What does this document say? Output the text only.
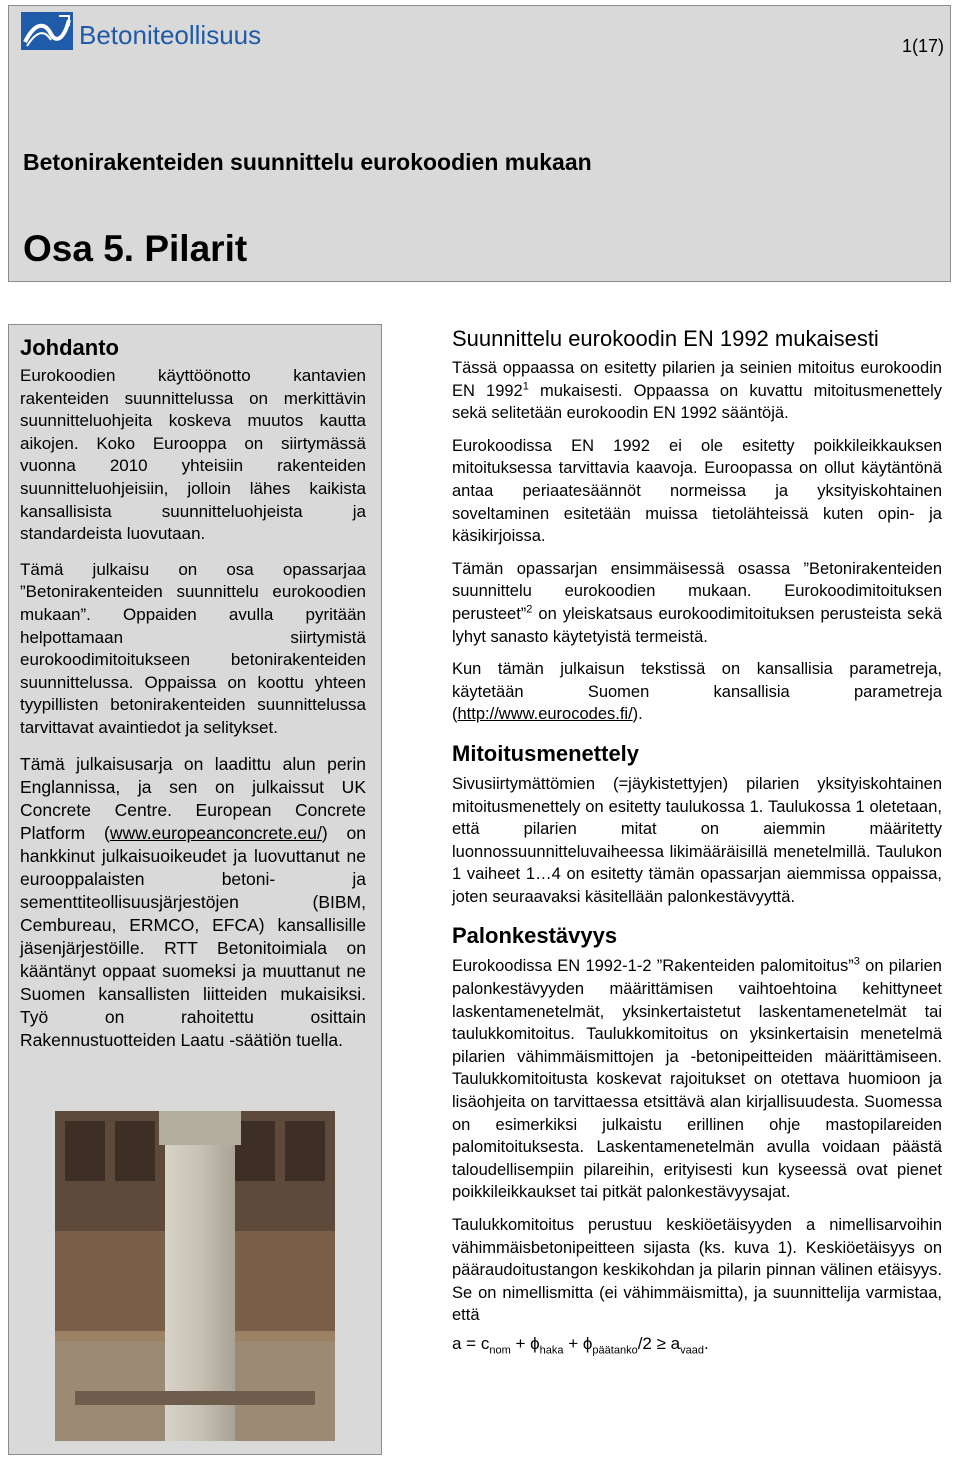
Betoniteollisuus	1(17)
Betonirakenteiden suunnittelu eurokoodien mukaan
Osa 5. Pilarit
Johdanto

Eurokoodien käyttöönotto kantavien rakenteiden suunnittelussa on merkittävin suunnitteluohjeita koskeva muutos kautta aikojen. Koko Eurooppa on siirtymässä vuonna 2010 yhteisiin rakenteiden suunnitteluohjeisiin, jolloin lähes kaikista kansallisista suunnitteluohjeista ja standardeista luovutaan.

Tämä julkaisu on osa opassarjaa ”Betonirakenteiden suunnittelu eurokoodien mukaan”. Oppaiden avulla pyritään helpottamaan siirtymistä eurokoodimitoitukseen betonirakenteiden suunnittelussa. Oppaissa on koottu yhteen tyypillisten betonirakenteiden suunnittelussa tarvittavat avaintiedot ja selitykset.

Tämä julkaisusarja on laadittu alun perin Englannissa, ja sen on julkaissut UK Concrete Centre. European Concrete Platform (www.europeanconcrete.eu/) on hankkinut julkaisuoikeudet ja luovuttanut ne eurooppalaisten betoni- ja sementtiteollisuusjärjestöjen (BIBM, Cembureau, ERMCO, EFCA) kansallisille jäsenjärjestöille. RTT Betonitoimiala on kääntänyt oppaat suomeksi ja muuttanut ne Suomen kansallisten liitteiden mukaisiksi. Työ on rahoitettu osittain Rakennustuotteiden Laatu -säätiön tuella.

Suunnittelu eurokoodin EN 1992 mukaisesti

Tässä oppaassa on esitetty pilarien ja seinien mitoitus eurokoodin EN 1992$^1$ mukaisesti. Oppaassa on kuvattu mitoitusmenettely sekä selitetään eurokoodin EN 1992 sääntöjä.

Eurokoodissa EN 1992 ei ole esitetty poikkileikkauksen mitoituksessa tarvittavia kaavoja. Euroopassa on ollut käytäntönä antaa periaatesäännöt normeissa ja yksityiskohtainen soveltaminen esitetään muissa tietolähteissä kuten opin- ja käsikirjoissa.

Tämän opassarjan ensimmäisessä osassa ”Betonirakenteiden suunnittelu eurokoodien mukaan. Eurokoodimitoituksen perusteet”$^2$ on yleiskatsaus eurokoodimitoituksen perusteista sekä lyhyt sanasto käytetyistä termeistä.

Kun tämän julkaisun tekstissä on kansallisia parametreja, käytetään Suomen kansallisia parametreja (http://www.eurocodes.fi/).

Mitoitusmenettely

Sivusiirtymättömien (=jäykistettyjen) pilarien yksityiskohtainen mitoitusmenettely on esitetty taulukossa 1. Taulukossa 1 oletetaan, että pilarien mitat on aiemmin määritetty luonnossuunnitteluvaiheessa likimääräisillä menetelmillä. Taulukon 1 vaiheet 1…4 on esitetty tämän opassarjan aiemmissa oppaissa, joten seuraavaksi käsitellään palonkestävyyttä.

Palonkestävyys

Eurokoodissa EN 1992-1-2 ”Rakenteiden palomitoitus”$^3$ on pilarien palonkestävyyden määrittämisen vaihtoehtoina kehittyneet laskentamenetelmät, yksinkertaistetut laskentamenetelmät tai taulukkomitoitus. Taulukkomitoitus on yksinkertaisin menetelmä pilarien vähimmäismittojen ja -betonipeitteiden määrittämiseen. Taulukkomitoitusta koskevat rajoitukset on otettava huomioon ja lisäohjeita on tarvittaessa etsittävä alan kirjallisuudesta. Suomessa on esimerkiksi julkaistu erillinen ohje mastopilareiden palomitoituksesta. Laskentamenetelmän avulla voidaan päästä taloudellisempiin pilareihin, erityisesti kun kyseessä ovat pienet poikkileikkaukset tai pitkät palonkestävyysajat.

Taulukkomitoitus perustuu keskiöetäisyyden a nimellisarvoihin vähimmäisbetonipeitteen sijasta (ks. kuva 1). Keskiöetäisyys on pääraudoitustangon keskikohdan ja pilarin pinnan välinen etäisyys. Se on nimellismitta (ei vähimmäismitta), ja suunnittelija varmistaa, että

$a = c_{nom} + \phi_{haka} + \phi_{päätanko}/2 \ge a_{vaad}$.
